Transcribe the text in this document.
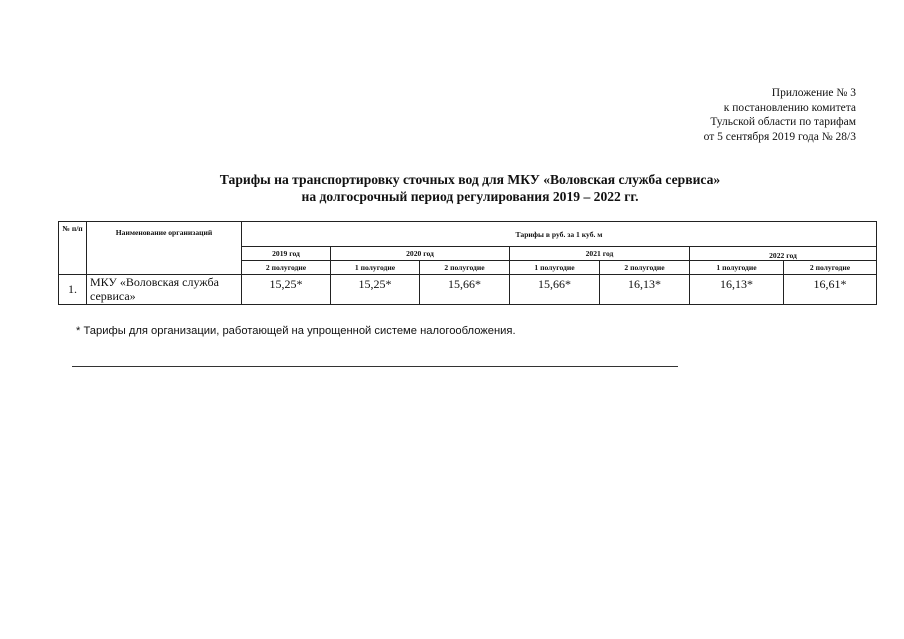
Приложение № 3
к постановлению комитета
Тульской области по тарифам
от 5 сентября 2019 года № 28/3
Тарифы на транспортировку сточных вод для МКУ «Воловская служба сервиса»
на долгосрочный период регулирования 2019 – 2022 гг.
№ п/п	Наименование организаций	Тарифы в руб. за 1 куб. м						
		2019 год	2020 год		2021 год		2022 год	
		2 полугодие	1 полугодие	2 полугодие	1 полугодие	2 полугодие	1 полугодие	2 полугодие
1.	МКУ «Воловская служба сервиса»	15,25*	15,25*	15,66*	15,66*	16,13*	16,13*	16,61*
* Тарифы для организации, работающей на упрощенной системе налогообложения.
